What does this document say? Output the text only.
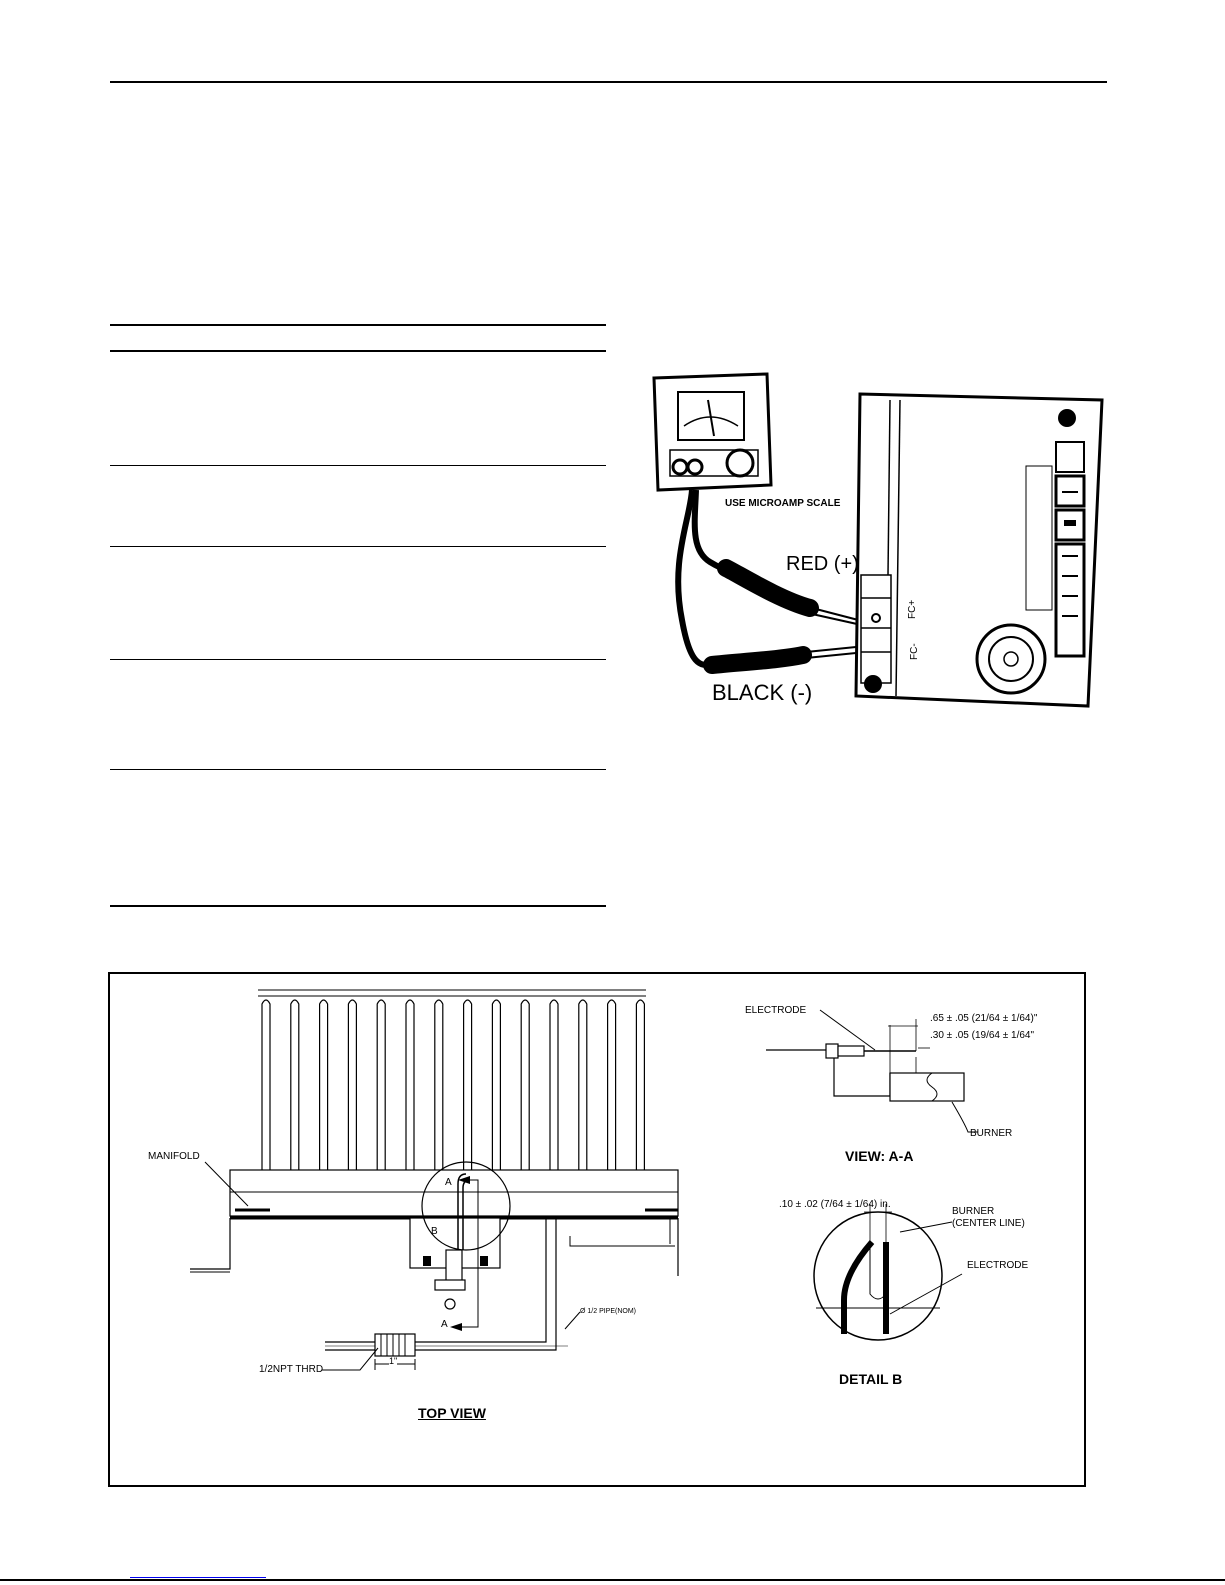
USE MICROAMP SCALE
RED (+)
BLACK (-)
FC+
FC-
MANIFOLD
A
B
A
Ø 1/2 PIPE(NOM)
1/2NPT THRD
1"
TOP VIEW
ELECTRODE
.65 ± .05 (21/64 ± 1/64)"
.30 ± .05 (19/64 ± 1/64"
BURNER
VIEW: A-A
.10 ± .02 (7/64 ± 1/64) in.
BURNER
(CENTER LINE)
ELECTRODE
DETAIL B
